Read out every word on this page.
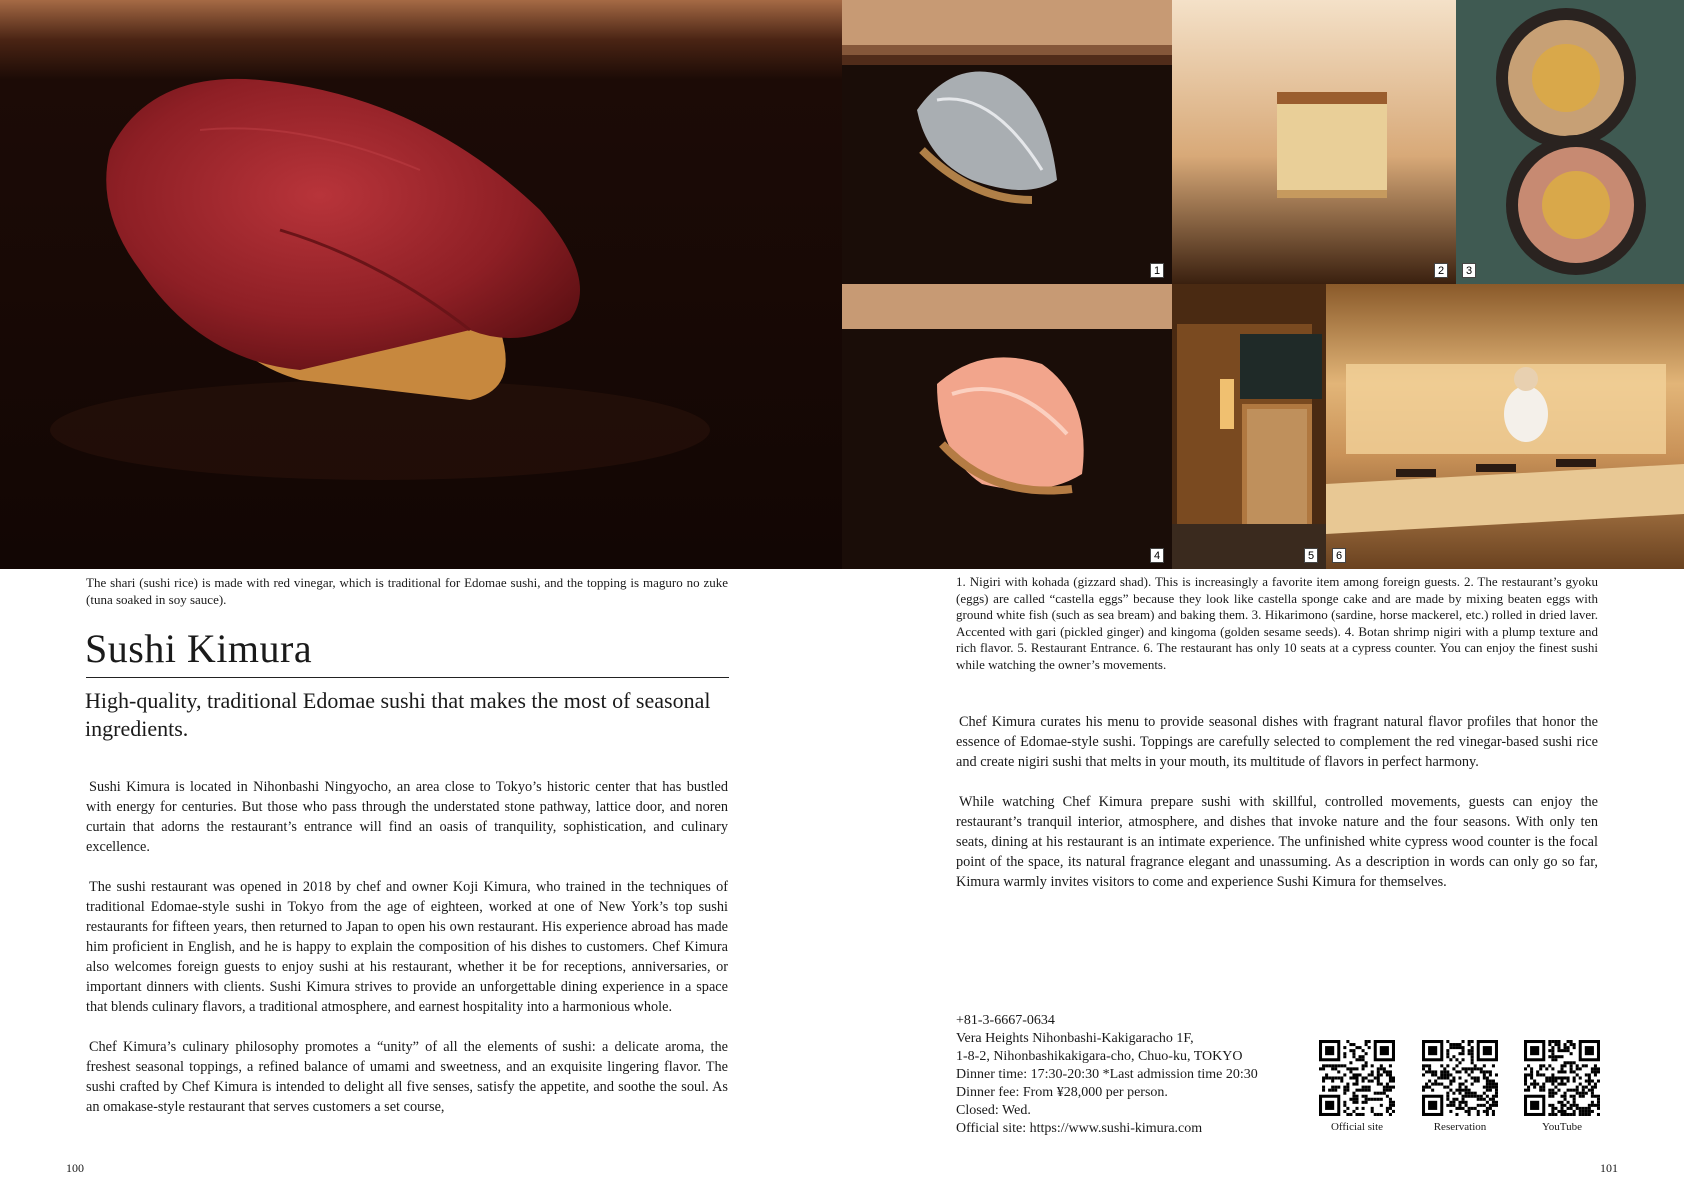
1	2	3
4	5	6
The shari (sushi rice) is made with red vinegar, which is traditional for Edomae sushi, and the topping is maguro no zuke (tuna soaked in soy sauce).
Sushi Kimura
High-quality, traditional Edomae sushi that makes the most of seasonal ingredients.

Sushi Kimura is located in Nihonbashi Ningyocho, an area close to Tokyo’s historic center that has bustled with energy for centuries. But those who pass through the understated stone pathway, lattice door, and noren curtain that adorns the restaurant’s entrance will find an oasis of tranquility, sophistication, and culinary excellence.

The sushi restaurant was opened in 2018 by chef and owner Koji Kimura, who trained in the techniques of traditional Edomae-style sushi in Tokyo from the age of eighteen, worked at one of New York’s top sushi restaurants for fifteen years, then returned to Japan to open his own restaurant. His experience abroad has made him proficient in English, and he is happy to explain the composition of his dishes to customers. Chef Kimura also welcomes foreign guests to enjoy sushi at his restaurant, whether it be for receptions, anniversaries, or important dinners with clients. Sushi Kimura strives to provide an unforgettable dining experience in a space that blends culinary flavors, a traditional atmosphere, and earnest hospitality into a harmonious whole.

Chef Kimura’s culinary philosophy promotes a “unity” of all the elements of sushi: a delicate aroma, the freshest seasonal toppings, a refined balance of umami and sweetness, and an exquisite lingering flavor. The sushi crafted by Chef Kimura is intended to delight all five senses, satisfy the appetite, and soothe the soul. As an omakase-style restaurant that serves customers a set course,

100
1. Nigiri with kohada (gizzard shad). This is increasingly a favorite item among foreign guests. 2. The restaurant’s gyoku (eggs) are called “castella eggs” because they look like castella sponge cake and are made by mixing beaten eggs with ground white fish (such as sea bream) and baking them. 3. Hikarimono (sardine, horse mackerel, etc.) rolled in dried laver. Accented with gari (pickled ginger) and kingoma (golden sesame seeds). 4. Botan shrimp nigiri with a plump texture and rich flavor. 5. Restaurant Entrance. 6. The restaurant has only 10 seats at a cypress counter. You can enjoy the finest sushi while watching the owner’s movements.

Chef Kimura curates his menu to provide seasonal dishes with fragrant natural flavor profiles that honor the essence of Edomae-style sushi. Toppings are carefully selected to complement the red vinegar-based sushi rice and create nigiri sushi that melts in your mouth, its multitude of flavors in perfect harmony.

While watching Chef Kimura prepare sushi with skillful, controlled movements, guests can enjoy the restaurant’s tranquil interior, atmosphere, and dishes that invoke nature and the four seasons. With only ten seats, dining at his restaurant is an intimate experience. The unfinished white cypress wood counter is the focal point of the space, its natural fragrance elegant and unassuming. As a description in words can only go so far, Kimura warmly invites visitors to come and experience Sushi Kimura for themselves.

+81-3-6667-0634
Vera Heights Nihonbashi-Kakigaracho 1F,
1-8-2, Nihonbashikakigara-cho, Chuo-ku, TOKYO
Dinner time: 17:30-20:30 *Last admission time 20:30
Dinner fee: From ¥28,000 per person.
Closed: Wed.
Official site: https://www.sushi-kimura.com	Official site	Reservation	YouTube
101
